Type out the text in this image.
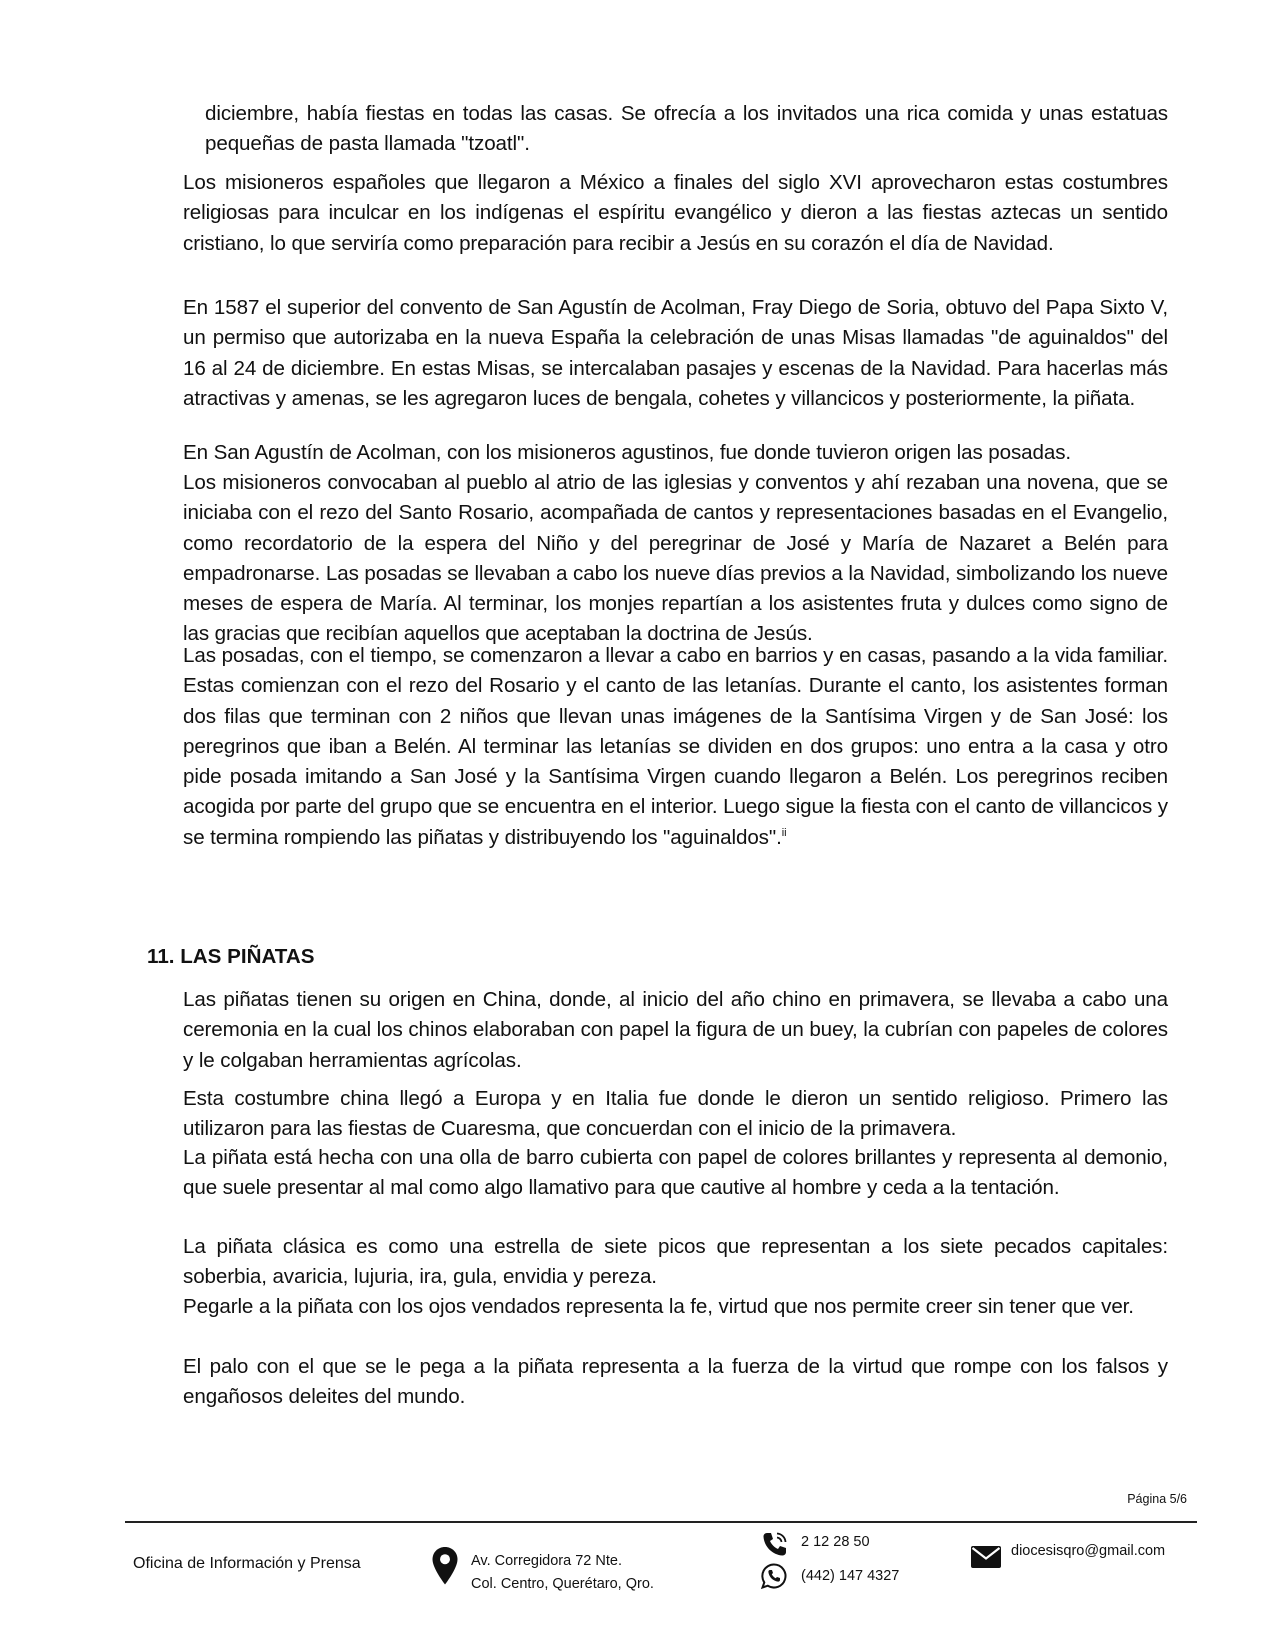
diciembre, había fiestas en todas las casas. Se ofrecía a los invitados una rica comida y unas estatuas pequeñas de pasta llamada "tzoatl".

Los misioneros españoles que llegaron a México a finales del siglo XVI aprovecharon estas costumbres religiosas para inculcar en los indígenas el espíritu evangélico y dieron a las fiestas aztecas un sentido cristiano, lo que serviría como preparación para recibir a Jesús en su corazón el día de Navidad.

En 1587 el superior del convento de San Agustín de Acolman, Fray Diego de Soria, obtuvo del Papa Sixto V, un permiso que autorizaba en la nueva España la celebración de unas Misas llamadas "de aguinaldos" del 16 al 24 de diciembre. En estas Misas, se intercalaban pasajes y escenas de la Navidad. Para hacerlas más atractivas y amenas, se les agregaron luces de bengala, cohetes y villancicos y posteriormente, la piñata.

En San Agustín de Acolman, con los misioneros agustinos, fue donde tuvieron origen las posadas.

Los misioneros convocaban al pueblo al atrio de las iglesias y conventos y ahí rezaban una novena, que se iniciaba con el rezo del Santo Rosario, acompañada de cantos y representaciones basadas en el Evangelio, como recordatorio de la espera del Niño y del peregrinar de José y María de Nazaret a Belén para empadronarse. Las posadas se llevaban a cabo los nueve días previos a la Navidad, simbolizando los nueve meses de espera de María. Al terminar, los monjes repartían a los asistentes fruta y dulces como signo de las gracias que recibían aquellos que aceptaban la doctrina de Jesús.

Las posadas, con el tiempo, se comenzaron a llevar a cabo en barrios y en casas, pasando a la vida familiar. Estas comienzan con el rezo del Rosario y el canto de las letanías. Durante el canto, los asistentes forman dos filas que terminan con 2 niños que llevan unas imágenes de la Santísima Virgen y de San José: los peregrinos que iban a Belén. Al terminar las letanías se dividen en dos grupos: uno entra a la casa y otro pide posada imitando a San José y la Santísima Virgen cuando llegaron a Belén. Los peregrinos reciben acogida por parte del grupo que se encuentra en el interior. Luego sigue la fiesta con el canto de villancicos y se termina rompiendo las piñatas y distribuyendo los "aguinaldos".$^{ii}$

11. LAS PIÑATAS

Las piñatas tienen su origen en China, donde, al inicio del año chino en primavera, se llevaba a cabo una ceremonia en la cual los chinos elaboraban con papel la figura de un buey, la cubrían con papeles de colores y le colgaban herramientas agrícolas.

Esta costumbre china llegó a Europa y en Italia fue donde le dieron un sentido religioso. Primero las utilizaron para las fiestas de Cuaresma, que concuerdan con el inicio de la primavera.

La piñata está hecha con una olla de barro cubierta con papel de colores brillantes y representa al demonio, que suele presentar al mal como algo llamativo para que cautive al hombre y ceda a la tentación.

La piñata clásica es como una estrella de siete picos que representan a los siete pecados capitales: soberbia, avaricia, lujuria, ira, gula, envidia y pereza.

Pegarle a la piñata con los ojos vendados representa la fe, virtud que nos permite creer sin tener que ver.

El palo con el que se le pega a la piñata representa a la fuerza de la virtud que rompe con los falsos y engañosos deleites del mundo.

Página 5/6
Oficina de Información y Prensa	Av. Corregidora 72 Nte.
Col. Centro, Querétaro, Qro.
2 12 28 50
(442) 147 4327
diocesisqro@gmail.com
